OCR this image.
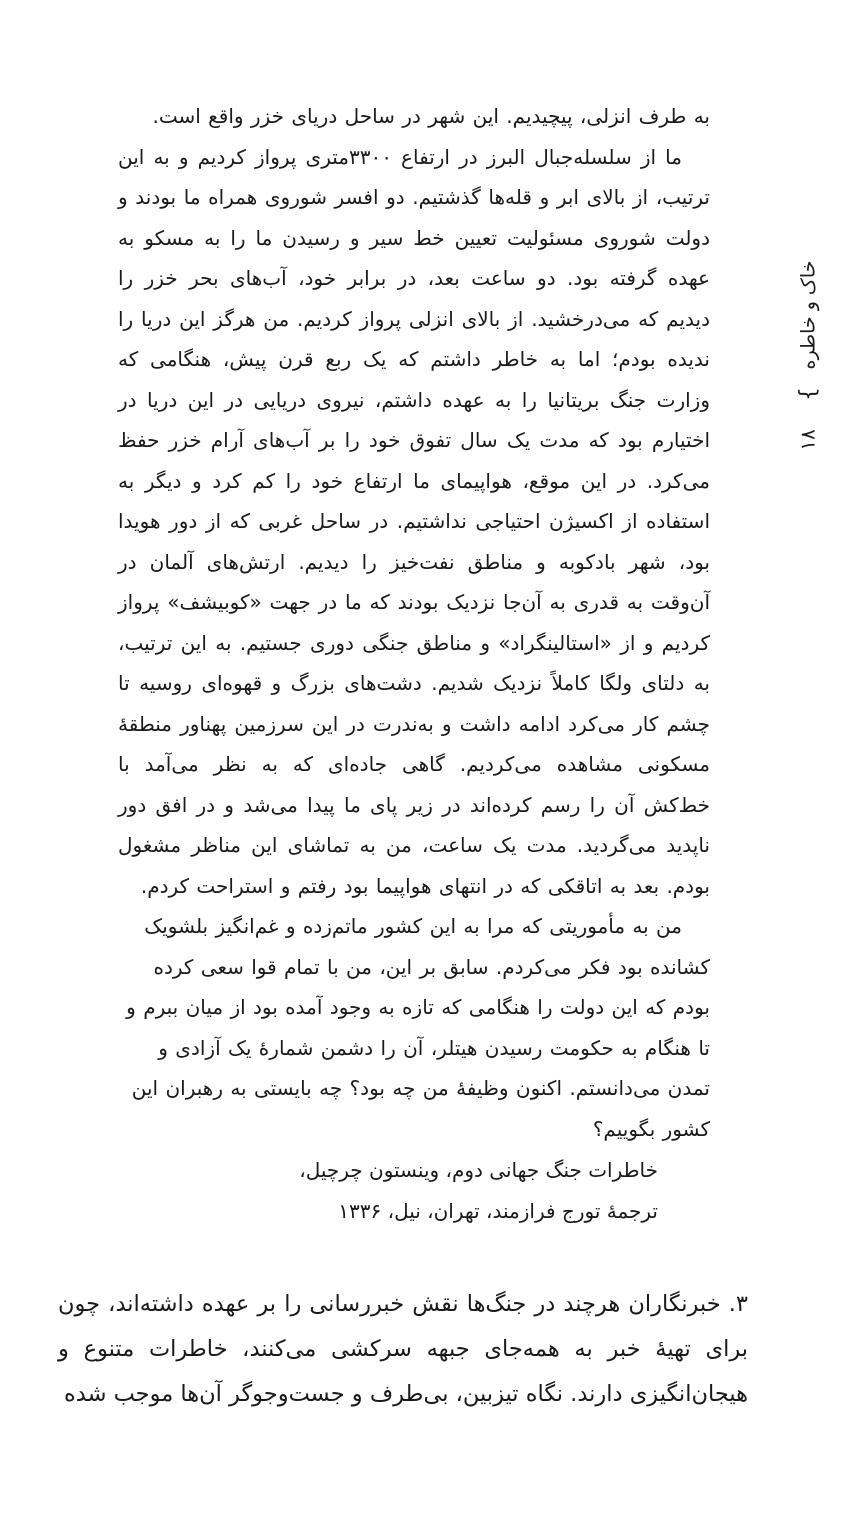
خاک و خاطره
{
۱۸

به طرف انزلی، پیچیدیم. این شهر در ساحل دریای خزر واقع است.

ما از سلسله‌جبال البرز در ارتفاع ۳۳۰۰متری پرواز کردیم و به این ترتیب، از بالای ابر و قله‌ها گذشتیم. دو افسر شوروی همراه ما بودند و دولت شوروی مسئولیت تعیین خط سیر و رسیدن ما را به مسکو به عهده گرفته بود. دو ساعت بعد، در برابر خود، آب‌های بحر خزر را دیدیم که می‌درخشید. از بالای انزلی پرواز کردیم. من هرگز این دریا را ندیده بودم؛ اما به خاطر داشتم که یک ربع قرن پیش، هنگامی که وزارت جنگ بریتانیا را به عهده داشتم، نیروی دریایی در این دریا در اختیارم بود که مدت یک سال تفوق خود را بر آب‌های آرام خزر حفظ می‌کرد. در این موقع، هواپیمای ما ارتفاع خود را کم کرد و دیگر به استفاده از اکسیژن احتیاجی نداشتیم. در ساحل غربی که از دور هویدا بود، شهر بادکوبه و مناطق نفت‌خیز را دیدیم. ارتش‌های آلمان در آن‌وقت به قدری به آن‌جا نزدیک بودند که ما در جهت «کوبیشف» پرواز کردیم و از «استالینگراد» و مناطق جنگی دوری جستیم. به این ترتیب، به دلتای ولگا کاملاً نزدیک شدیم. دشت‌های بزرگ و قهوه‌ای روسیه تا چشم کار می‌کرد ادامه داشت و به‌ندرت در این سرزمین پهناور منطقهٔ مسکونی مشاهده می‌کردیم. گاهی جاده‌ای که به نظر می‌آمد با خط‌کش آن را رسم کرده‌اند در زیر پای ما پیدا می‌شد و در افق دور ناپدید می‌گردید. مدت یک ساعت، من به تماشای این مناظر مشغول بودم. بعد به اتاقکی که در انتهای هواپیما بود رفتم و استراحت کردم.

من به مأموریتی که مرا به این کشور ماتم‌زده و غم‌انگیز بلشویک کشانده بود فکر می‌کردم. سابق بر این، من با تمام قوا سعی کرده بودم که این دولت را هنگامی که تازه به وجود آمده بود از میان ببرم و تا هنگام به حکومت رسیدن هیتلر، آن را دشمن شمارهٔ یک آزادی و تمدن می‌دانستم. اکنون وظیفهٔ من چه بود؟ چه بایستی به رهبران این کشور بگوییم؟

خاطرات جنگ جهانی دوم، وینستون چرچیل،
ترجمهٔ تورج فرازمند، تهران، نیل، ۱۳۳۶

۳. خبرنگاران هرچند در جنگ‌ها نقش خبررسانی را بر عهده داشته‌اند، چون برای تهیهٔ خبر به همه‌جای جبهه سرکشی می‌کنند، خاطرات متنوع و هیجان‌انگیزی دارند. نگاه تیزبین، بی‌طرف و جست‌وجوگر آن‌ها موجب شده
